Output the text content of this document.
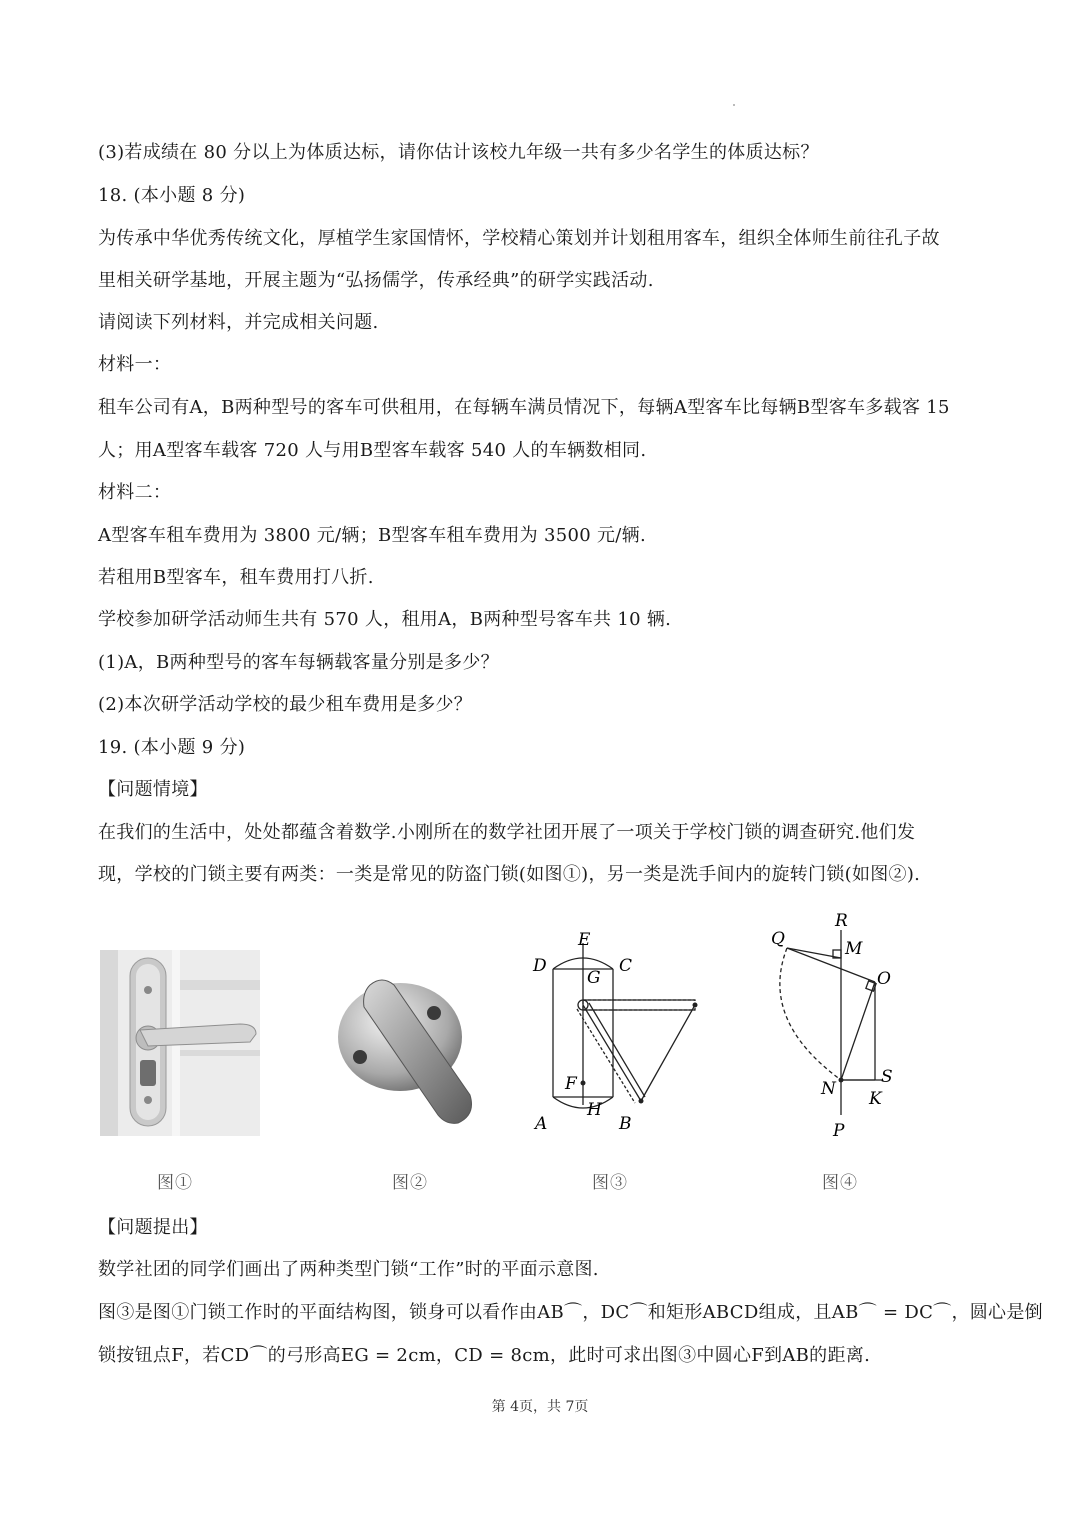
(3)若成绩在 80 分以上为体质达标，请你估计该校九年级一共有多少名学生的体质达标？
18. (本小题 8 分)
为传承中华优秀传统文化，厚植学生家国情怀，学校精心策划并计划租用客车，组织全体师生前往孔子故
里相关研学基地，开展主题为“弘扬儒学，传承经典”的研学实践活动.
请阅读下列材料，并完成相关问题.
材料一：
租车公司有A，B两种型号的客车可供租用，在每辆车满员情况下，每辆A型客车比每辆B型客车多载客 15
人；用A型客车载客 720 人与用B型客车载客 540 人的车辆数相同.
材料二：
A型客车租车费用为 3800 元/辆；B型客车租车费用为 3500 元/辆.
若租用B型客车，租车费用打八折.
学校参加研学活动师生共有 570 人，租用A，B两种型号客车共 10 辆.
(1)A，B两种型号的客车每辆载客量分别是多少？
(2)本次研学活动学校的最少租车费用是多少？
19. (本小题 9 分)
【问题情境】
在我们的生活中，处处都蕴含着数学.小刚所在的数学社团开展了一项关于学校门锁的调查研究.他们发
现，学校的门锁主要有两类：一类是常见的防盗门锁(如图①)，另一类是洗手间内的旋转门锁(如图②).
E
D	C
G
F
H
A	B
R
Q	M
O
N
S
K
P
图①	图②	图③	图④
【问题提出】
数学社团的同学们画出了两种类型门锁“工作”时的平面示意图.
图③是图①门锁工作时的平面结构图，锁身可以看作由AB⌒，DC⌒和矩形ABCD组成，且AB⌒ = DC⌒，圆心是倒
锁按钮点F，若CD⌒的弓形高EG = 2cm，CD = 8cm，此时可求出图③中圆心F到AB的距离.
第 4页，共 7页
